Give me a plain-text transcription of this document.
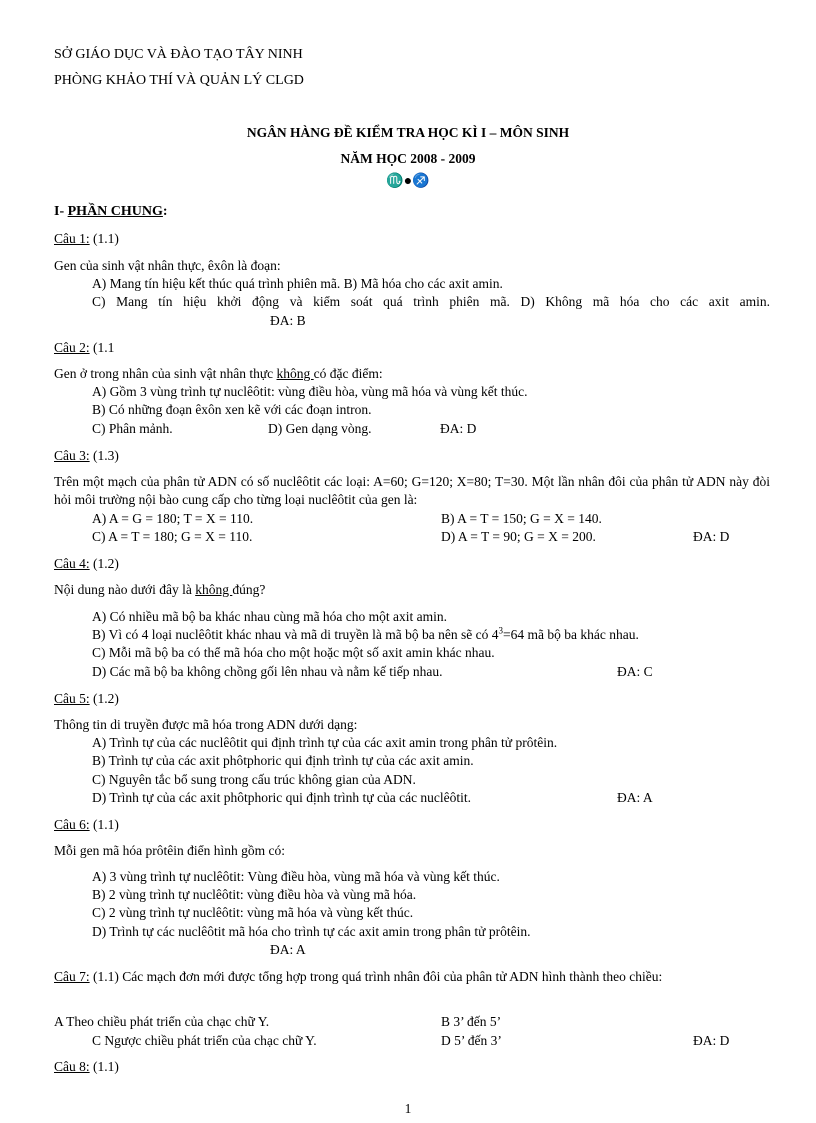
SỞ GIÁO DỤC VÀ ĐÀO TẠO TÂY NINH
PHÒNG KHẢO THÍ VÀ QUẢN LÝ CLGD
NGÂN HÀNG ĐỀ KIỂM TRA HỌC KÌ I – MÔN SINH
NĂM HỌC 2008 - 2009
♏●♐
I- PHẦN CHUNG:
Câu 1: (1.1)
Gen của sinh vật nhân thực, êxôn là đoạn:
A) Mang tín hiệu kết thúc quá trình phiên mã. B) Mã hóa cho các axit amin.
C) Mang tín hiệu khởi động và kiểm soát quá trình phiên mã. D) Không mã hóa cho các axit amin.
ĐA: B
Câu 2: (1.1
Gen ở trong nhân của sinh vật nhân thực không có đặc điểm:
A) Gồm 3 vùng trình tự nuclêôtit: vùng điều hòa, vùng mã hóa và vùng kết thúc.
B) Có những đoạn êxôn xen kẽ với các đoạn intron.
C) Phân mảnh.	D) Gen dạng vòng.	ĐA: D
Câu 3: (1.3)
Trên một mạch của phân tử ADN có số nuclêôtit các loại: A=60; G=120; X=80; T=30. Một lần nhân đôi của phân tử ADN này đòi hỏi môi trường nội bào cung cấp cho từng loại nuclêôtit của gen là:
A) A = G = 180; T = X = 110.	B) A = T = 150; G = X = 140.
C) A = T = 180; G = X = 110.	D) A = T = 90; G = X = 200.	ĐA: D
Câu 4: (1.2)
Nội dung nào dưới đây là không đúng?
A) Có nhiều mã bộ ba khác nhau cùng mã hóa cho một axit amin.
B) Vì có 4 loại nuclêôtit khác nhau và mã di truyền là mã bộ ba nên sẽ có $4^3=64$ mã bộ ba khác nhau.
C) Mỗi mã bộ ba có thể mã hóa cho một hoặc một số axit amin khác nhau.
D) Các mã bộ ba không chồng gối lên nhau và nằm kế tiếp nhau.	ĐA: C
Câu 5: (1.2)
Thông tin di truyền được mã hóa trong ADN dưới dạng:
A) Trình tự của các nuclêôtit qui định trình tự của các axit amin trong phân tử prôtêin.
B) Trình tự của các axit phôtphoric qui định trình tự của các axit amin.
C) Nguyên tắc bổ sung trong cấu trúc không gian của ADN.
D) Trình tự của các axit phôtphoric qui định trình tự của các nuclêôtit.	ĐA: A
Câu 6: (1.1)
Mỗi gen mã hóa prôtêin điển hình gồm có:
A) 3 vùng trình tự nuclêôtit: Vùng điều hòa, vùng mã hóa và vùng kết thúc.
B) 2 vùng trình tự nuclêôtit: vùng điều hòa và vùng mã hóa.
C) 2 vùng trình tự nuclêôtit: vùng mã hóa và vùng kết thúc.
D) Trình tự các nuclêôtit mã hóa cho trình tự các axit amin trong phân tử prôtêin.
ĐA: A
Câu 7: (1.1) Các mạch đơn mới được tổng hợp trong quá trình nhân đôi của phân tử ADN hình thành theo chiều:
A Theo chiều phát triển của chạc chữ Y.	B 3’ đến 5’
C Ngược chiều phát triển của chạc chữ Y.	D 5’ đến 3’	ĐA: D
Câu 8: (1.1)
1
